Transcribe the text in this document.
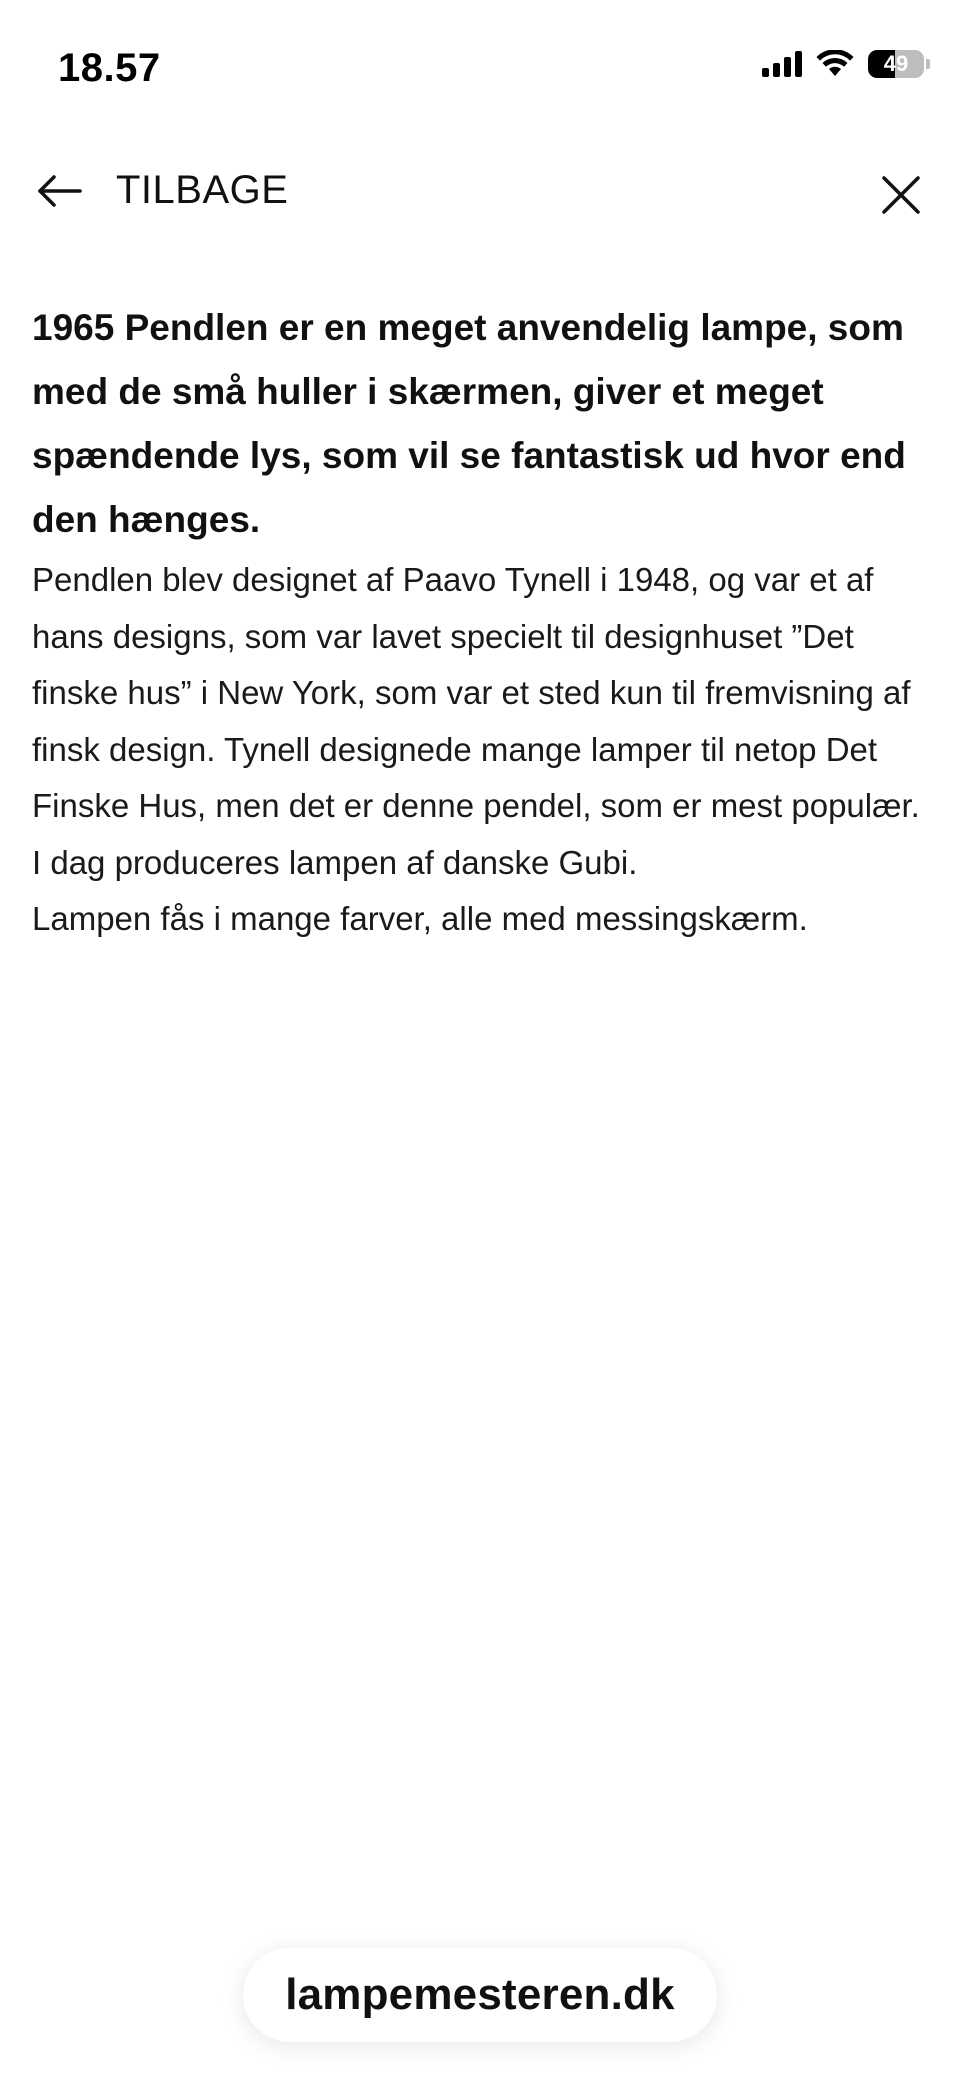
18.57	49
TILBAGE

1965 Pendlen er en meget anvendelig lampe, som med de små huller i skærmen, giver et meget spændende lys, som vil se fantastisk ud hvor end den hænges.

Pendlen blev designet af Paavo Tynell i 1948, og var et af hans designs, som var lavet specielt til designhuset ”Det finske hus” i New York, som var et sted kun til fremvisning af finsk design. Tynell designede mange lamper til netop Det Finske Hus, men det er denne pendel, som er mest populær.

I dag produceres lampen af danske Gubi.

Lampen fås i mange farver, alle med messingskærm.

lampemesteren.dk
